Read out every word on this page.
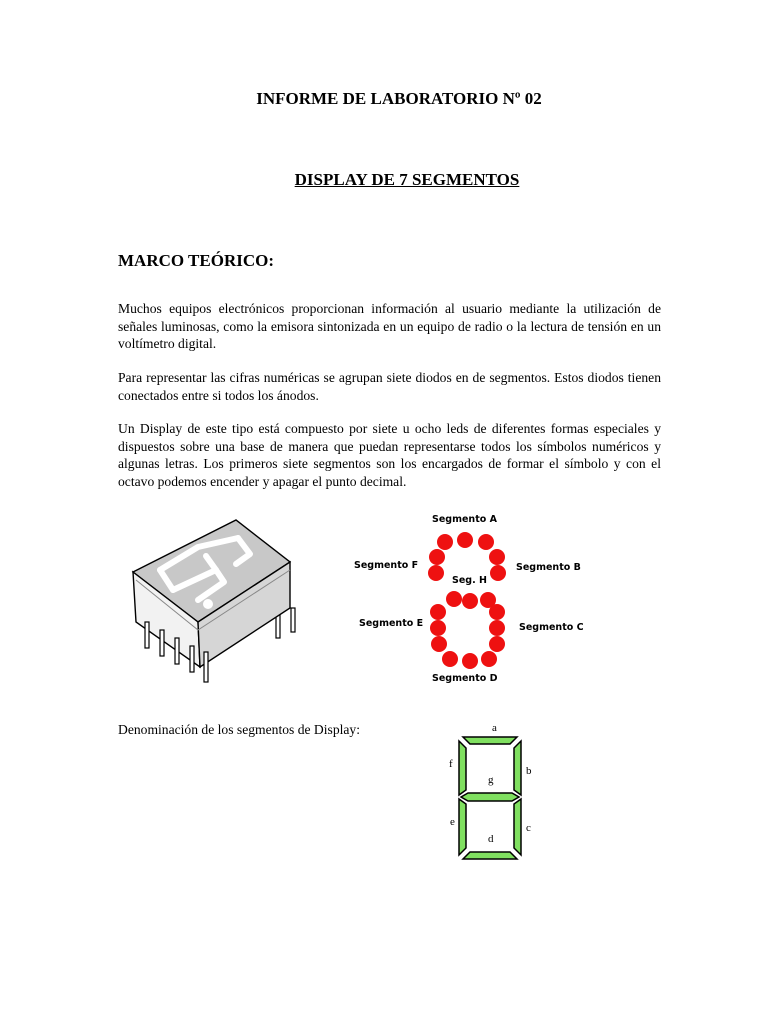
INFORME DE LABORATORIO Nº 02
DISPLAY DE 7 SEGMENTOS
MARCO TEÓRICO:

Muchos equipos electrónicos proporcionan información al usuario mediante la utilización de señales luminosas, como la emisora sintonizada en un equipo de radio o la lectura de tensión en un voltímetro digital.

Para representar las cifras numéricas se agrupan siete diodos en de segmentos. Estos diodos tienen conectados entre si todos los ánodos.

Un Display de este tipo está compuesto por siete u ocho leds de diferentes formas especiales y dispuestos sobre una base de manera que puedan representarse todos los símbolos numéricos y algunas letras. Los primeros siete segmentos son los encargados de formar el símbolo y con el octavo podemos encender y apagar el punto decimal.

Segmento A
Segmento F	Segmento B
Seg. H
Segmento E	Segmento C
Segmento D
Denominación de los segmentos de Display:	a
f
b
g
e	c
d
